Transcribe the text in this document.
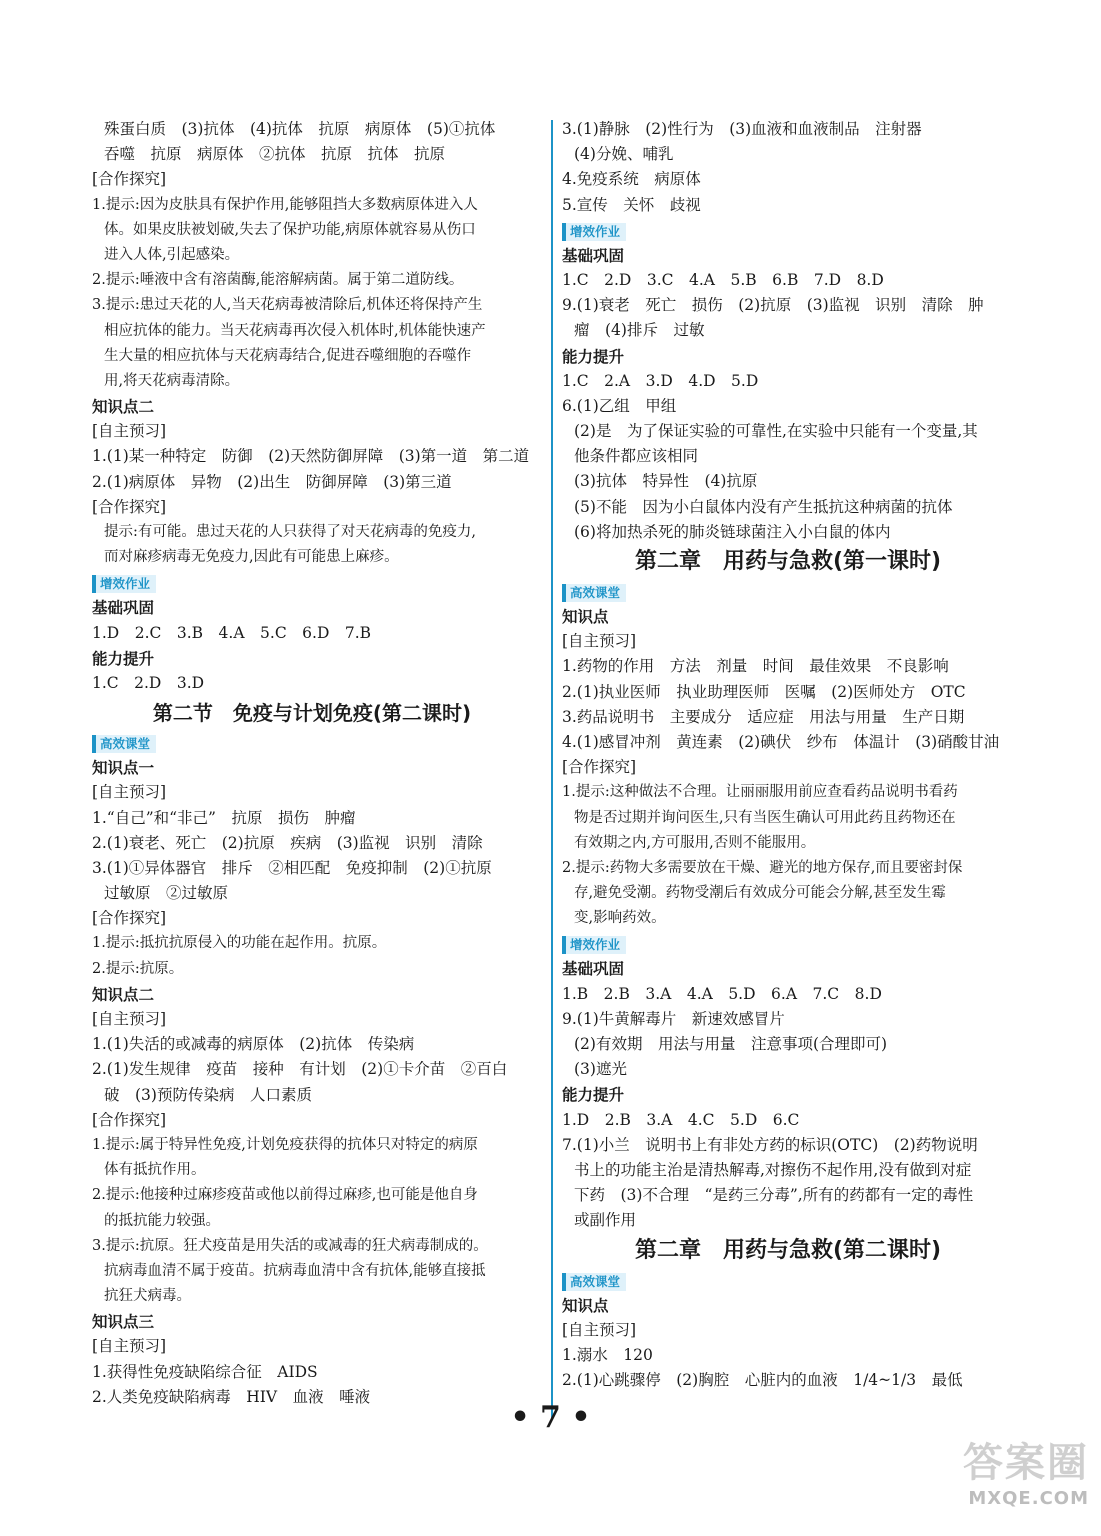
殊蛋白质　(3)抗体　(4)抗体　抗原　病原体　(5)①抗体
吞噬　抗原　病原体　②抗体　抗原　抗体　抗原
[合作探究]
1.提示:因为皮肤具有保护作用,能够阻挡大多数病原体进入人
体。如果皮肤被划破,失去了保护功能,病原体就容易从伤口
进入人体,引起感染。
2.提示:唾液中含有溶菌酶,能溶解病菌。属于第二道防线。
3.提示:患过天花的人,当天花病毒被清除后,机体还将保持产生
相应抗体的能力。当天花病毒再次侵入机体时,机体能快速产
生大量的相应抗体与天花病毒结合,促进吞噬细胞的吞噬作
用,将天花病毒清除。
知识点二
[自主预习]
1.(1)某一种特定　防御　(2)天然防御屏障　(3)第一道　第二道
2.(1)病原体　异物　(2)出生　防御屏障　(3)第三道
[合作探究]
提示:有可能。患过天花的人只获得了对天花病毒的免疫力,
而对麻疹病毒无免疫力,因此有可能患上麻疹。
增效作业
基础巩固
1.D　2.C　3.B　4.A　5.C　6.D　7.B
能力提升
1.C　2.D　3.D
第二节　免疫与计划免疫(第二课时)
高效课堂
知识点一
[自主预习]
1.“自己”和“非己”　抗原　损伤　肿瘤
2.(1)衰老、死亡　(2)抗原　疾病　(3)监视　识别　清除
3.(1)①异体器官　排斥　②相匹配　免疫抑制　(2)①抗原
过敏原　②过敏原
[合作探究]
1.提示:抵抗抗原侵入的功能在起作用。抗原。
2.提示:抗原。
知识点二
[自主预习]
1.(1)失活的或减毒的病原体　(2)抗体　传染病
2.(1)发生规律　疫苗　接种　有计划　(2)①卡介苗　②百白
破　(3)预防传染病　人口素质
[合作探究]
1.提示:属于特异性免疫,计划免疫获得的抗体只对特定的病原
体有抵抗作用。
2.提示:他接种过麻疹疫苗或他以前得过麻疹,也可能是他自身
的抵抗能力较强。
3.提示:抗原。狂犬疫苗是用失活的或减毒的狂犬病毒制成的。
抗病毒血清不属于疫苗。抗病毒血清中含有抗体,能够直接抵
抗狂犬病毒。
知识点三
[自主预习]
1.获得性免疫缺陷综合征　AIDS
2.人类免疫缺陷病毒　HIV　血液　唾液
3.(1)静脉　(2)性行为　(3)血液和血液制品　注射器
(4)分娩、哺乳
4.免疫系统　病原体
5.宣传　关怀　歧视
增效作业
基础巩固
1.C　2.D　3.C　4.A　5.B　6.B　7.D　8.D
9.(1)衰老　死亡　损伤　(2)抗原　(3)监视　识别　清除　肿
瘤　(4)排斥　过敏
能力提升
1.C　2.A　3.D　4.D　5.D
6.(1)乙组　甲组
(2)是　为了保证实验的可靠性,在实验中只能有一个变量,其
他条件都应该相同
(3)抗体　特异性　(4)抗原
(5)不能　因为小白鼠体内没有产生抵抗这种病菌的抗体
(6)将加热杀死的肺炎链球菌注入小白鼠的体内
第二章　用药与急救(第一课时)
高效课堂
知识点
[自主预习]
1.药物的作用　方法　剂量　时间　最佳效果　不良影响
2.(1)执业医师　执业助理医师　医嘱　(2)医师处方　OTC
3.药品说明书　主要成分　适应症　用法与用量　生产日期
4.(1)感冒冲剂　黄连素　(2)碘伏　纱布　体温计　(3)硝酸甘油
[合作探究]
1.提示:这种做法不合理。让丽丽服用前应查看药品说明书看药
物是否过期并询问医生,只有当医生确认可用此药且药物还在
有效期之内,方可服用,否则不能服用。
2.提示:药物大多需要放在干燥、避光的地方保存,而且要密封保
存,避免受潮。药物受潮后有效成分可能会分解,甚至发生霉
变,影响药效。
增效作业
基础巩固
1.B　2.B　3.A　4.A　5.D　6.A　7.C　8.D
9.(1)牛黄解毒片　新速效感冒片
(2)有效期　用法与用量　注意事项(合理即可)
(3)遮光
能力提升
1.D　2.B　3.A　4.C　5.D　6.C
7.(1)小兰　说明书上有非处方药的标识(OTC)　(2)药物说明
书上的功能主治是清热解毒,对擦伤不起作用,没有做到对症
下药　(3)不合理　“是药三分毒”,所有的药都有一定的毒性
或副作用
第二章　用药与急救(第二课时)
高效课堂
知识点
[自主预习]
1.溺水　120
2.(1)心跳骤停　(2)胸腔　心脏内的血液　1/4~1/3　最低
• 7 •
答案圈
MXQE.COM
